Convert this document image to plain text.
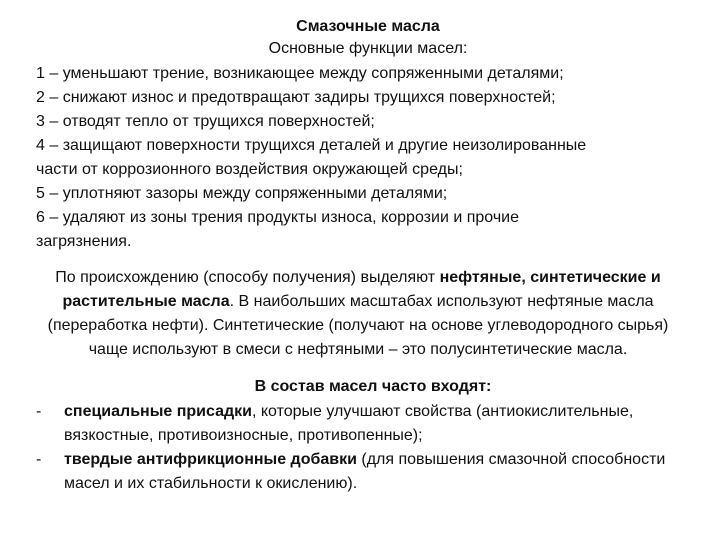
Смазочные масла
Основные функции масел:
1 – уменьшают трение, возникающее между сопряженными деталями;
2 – снижают износ и предотвращают задиры трущихся поверхностей;
3 – отводят тепло от трущихся поверхностей;
4 – защищают поверхности трущихся деталей и другие неизолированные
части от коррозионного воздействия окружающей среды;
5 – уплотняют зазоры между сопряженными деталями;
6 – удаляют из зоны трения продукты износа, коррозии и прочие
загрязнения.
По происхождению (способу получения) выделяют нефтяные, синтетические и растительные масла. В наибольших масштабах используют нефтяные масла (переработка нефти). Синтетические (получают на основе углеводородного сырья) чаще используют в смеси с нефтяными – это полусинтетические масла.
В состав масел часто входят:
- специальные присадки, которые улучшают свойства (антиокислительные, вязкостные, противоизносные, противопенные);
- твердые антифрикционные добавки (для повышения смазочной способности масел и их стабильности к окислению).
